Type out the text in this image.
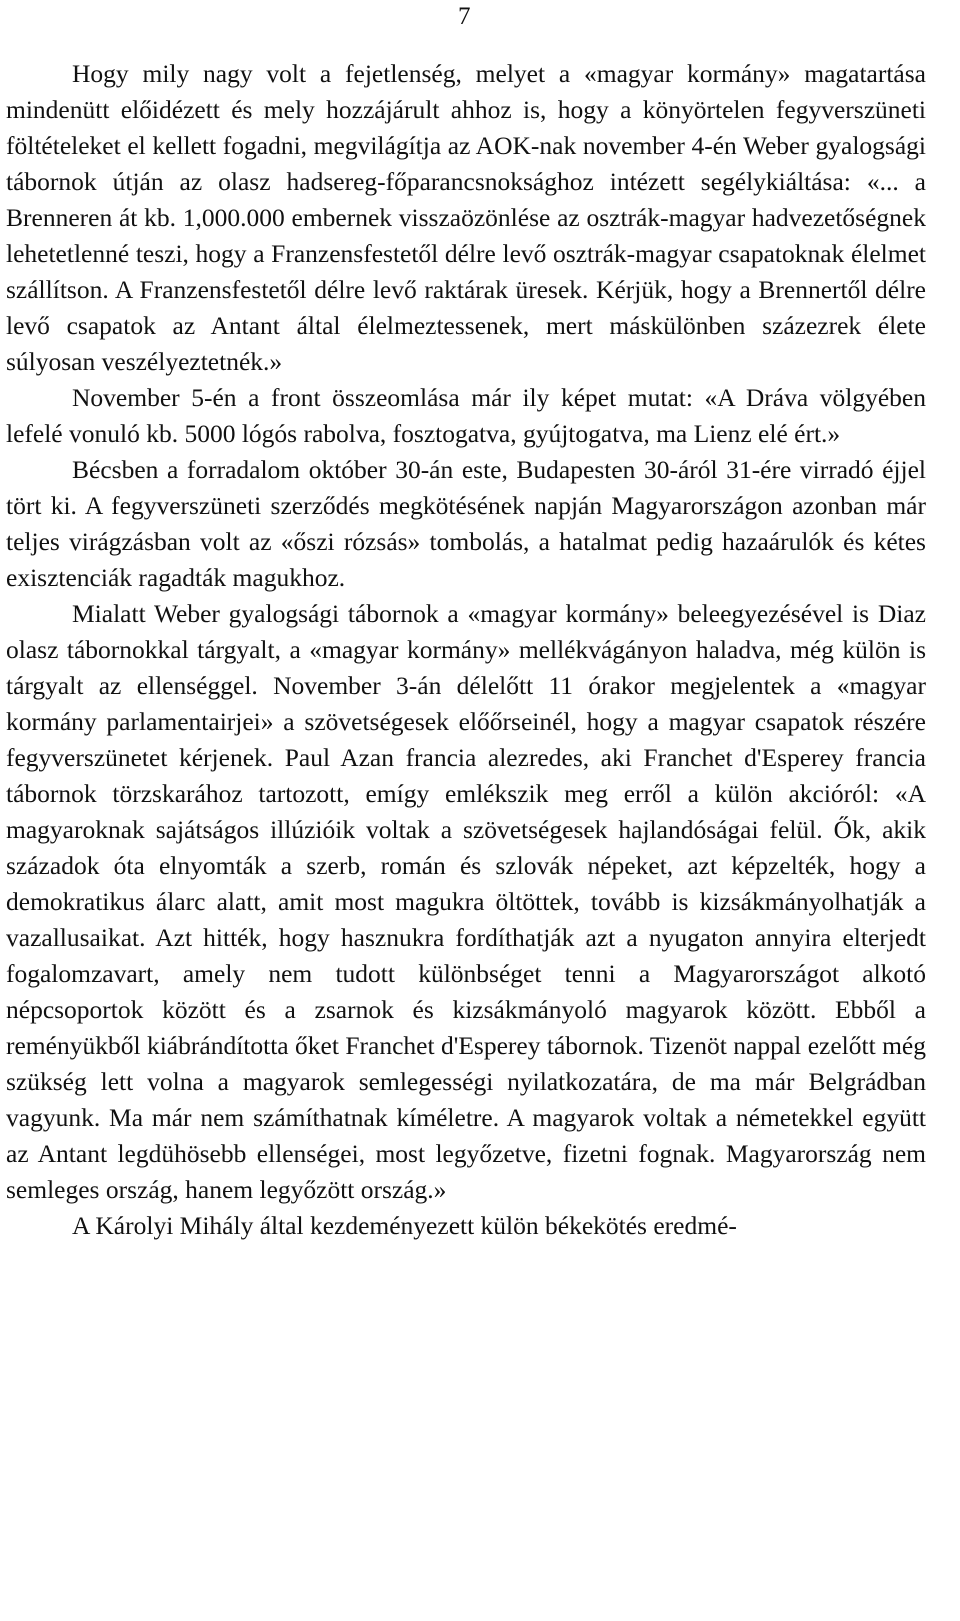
7

Hogy mily nagy volt a fejetlenség, melyet a «magyar kormány» magatartása mindenütt előidézett és mely hozzájárult ahhoz is, hogy a könyörtelen fegyverszüneti föltételeket el kellett fogadni, megvilágítja az AOK-nak november 4-én Weber gyalogsági tábornok útján az olasz hadsereg-főparancsnoksághoz intézett segélykiáltása: «... a Brenneren át kb. 1,000.000 embernek visszaözönlése az osztrák-magyar hadvezetőségnek lehetetlenné teszi, hogy a Franzensfestetől délre levő osztrák-magyar csapatoknak élelmet szállítson. A Franzensfestetől délre levő raktárak üresek. Kérjük, hogy a Brennertől délre levő csapatok az Antant által élelmeztessenek, mert máskülönben százezrek élete súlyosan veszélyeztetnék.»

November 5-én a front összeomlása már ily képet mutat: «A Dráva völgyében lefelé vonuló kb. 5000 lógós rabolva, fosztogatva, gyújtogatva, ma Lienz elé ért.»

Bécsben a forradalom október 30-án este, Budapesten 30-áról 31-ére virradó éjjel tört ki. A fegyverszüneti szerződés megkötésének napján Magyarországon azonban már teljes virágzásban volt az «őszi rózsás» tombolás, a hatalmat pedig hazaárulók és kétes exisztenciák ragadták magukhoz.

Mialatt Weber gyalogsági tábornok a «magyar kormány» beleegyezésével is Diaz olasz tábornokkal tárgyalt, a «magyar kormány» mellékvágányon haladva, még külön is tárgyalt az ellenséggel. November 3-án délelőtt 11 órakor megjelentek a «magyar kormány parlamentairjei» a szövetségesek előőrseinél, hogy a magyar csapatok részére fegyverszünetet kérjenek. Paul Azan francia alezredes, aki Franchet d'Esperey francia tábornok törzskarához tartozott, emígy emlékszik meg erről a külön akcióról: «A magyaroknak sajátságos illúzióik voltak a szövetségesek hajlandóságai felül. Ők, akik századok óta elnyomták a szerb, román és szlovák népeket, azt képzelték, hogy a demokratikus álarc alatt, amit most magukra öltöttek, tovább is kizsákmányolhatják a vazallusaikat. Azt hitték, hogy hasznukra fordíthatják azt a nyugaton annyira elterjedt fogalomzavart, amely nem tudott különbséget tenni a Magyarországot alkotó népcsoportok között és a zsarnok és kizsákmányoló magyarok között. Ebből a reményükből kiábrándította őket Franchet d'Esperey tábornok. Tizenöt nappal ezelőtt még szükség lett volna a magyarok semlegességi nyilatkozatára, de ma már Belgrádban vagyunk. Ma már nem számíthatnak kíméletre. A magyarok voltak a németekkel együtt az Antant legdühösebb ellenségei, most legyőzetve, fizetni fognak. Magyarország nem semleges ország, hanem legyőzött ország.»

A Károlyi Mihály által kezdeményezett külön békekötés eredmé-
